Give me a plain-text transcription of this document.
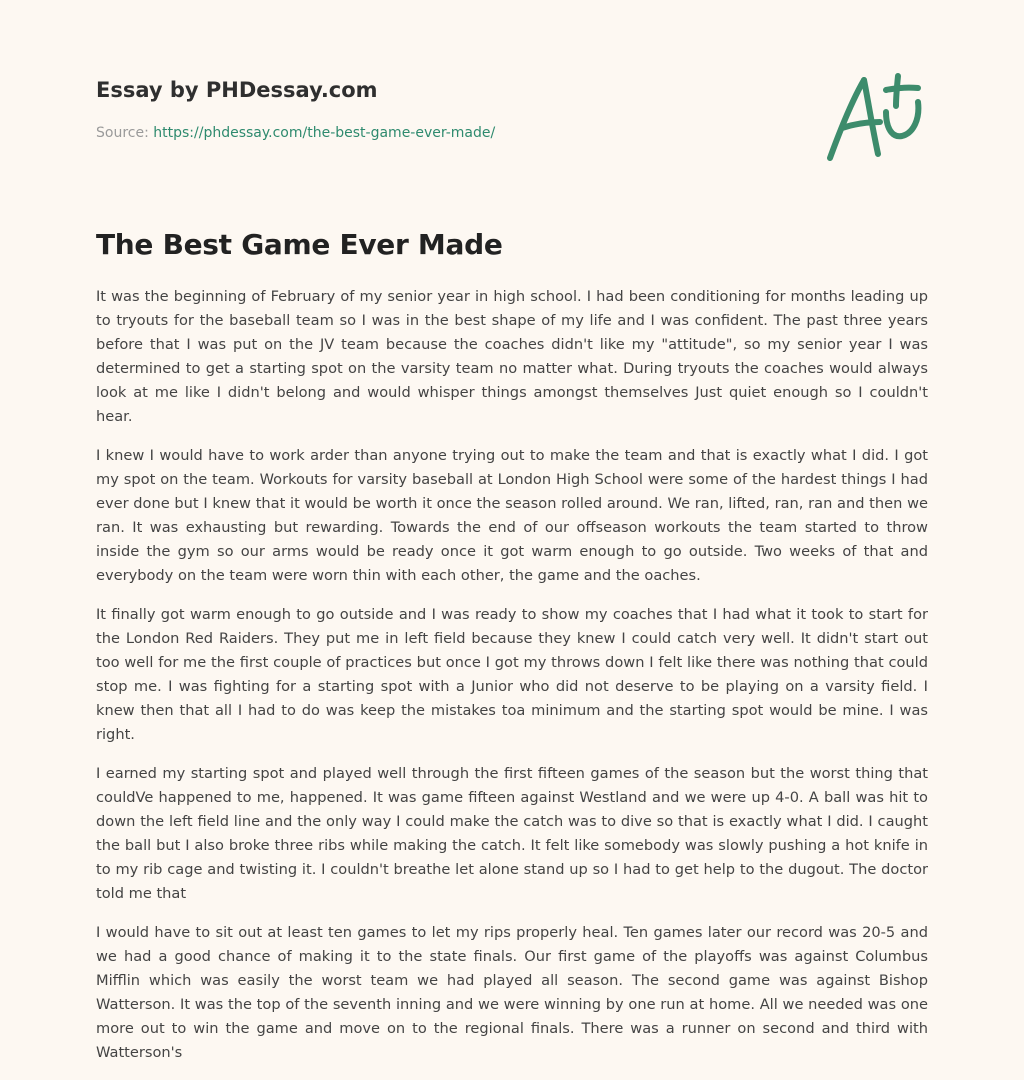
Essay by PHDessay.com
Source: https://phdessay.com/the-best-game-ever-made/
The Best Game Ever Made

It was the beginning of February of my senior year in high school. I had been conditioning for months leading up to tryouts for the baseball team so I was in the best shape of my life and I was confident. The past three years before that I was put on the JV team because the coaches didn't like my "attitude", so my senior year I was determined to get a starting spot on the varsity team no matter what. During tryouts the coaches would always look at me like I didn't belong and would whisper things amongst themselves Just quiet enough so I couldn't hear.

I knew I would have to work arder than anyone trying out to make the team and that is exactly what I did. I got my spot on the team. Workouts for varsity baseball at London High School were some of the hardest things I had ever done but I knew that it would be worth it once the season rolled around. We ran, lifted, ran, ran and then we ran. It was exhausting but rewarding. Towards the end of our offseason workouts the team started to throw inside the gym so our arms would be ready once it got warm enough to go outside. Two weeks of that and everybody on the team were worn thin with each other, the game and the oaches.

It finally got warm enough to go outside and I was ready to show my coaches that I had what it took to start for the London Red Raiders. They put me in left field because they knew I could catch very well. It didn't start out too well for me the first couple of practices but once I got my throws down I felt like there was nothing that could stop me. I was fighting for a starting spot with a Junior who did not deserve to be playing on a varsity field. I knew then that all I had to do was keep the mistakes toa minimum and the starting spot would be mine. I was right.

I earned my starting spot and played well through the first fifteen games of the season but the worst thing that couldVe happened to me, happened. It was game fifteen against Westland and we were up 4-0. A ball was hit to down the left field line and the only way I could make the catch was to dive so that is exactly what I did. I caught the ball but I also broke three ribs while making the catch. It felt like somebody was slowly pushing a hot knife in to my rib cage and twisting it. I couldn't breathe let alone stand up so I had to get help to the dugout. The doctor told me that

I would have to sit out at least ten games to let my rips properly heal. Ten games later our record was 20-5 and we had a good chance of making it to the state finals. Our first game of the playoffs was against Columbus Mifflin which was easily the worst team we had played all season. The second game was against Bishop Watterson. It was the top of the seventh inning and we were winning by one run at home. All we needed was one more out to win the game and move on to the regional finals. There was a runner on second and third with Watterson's
